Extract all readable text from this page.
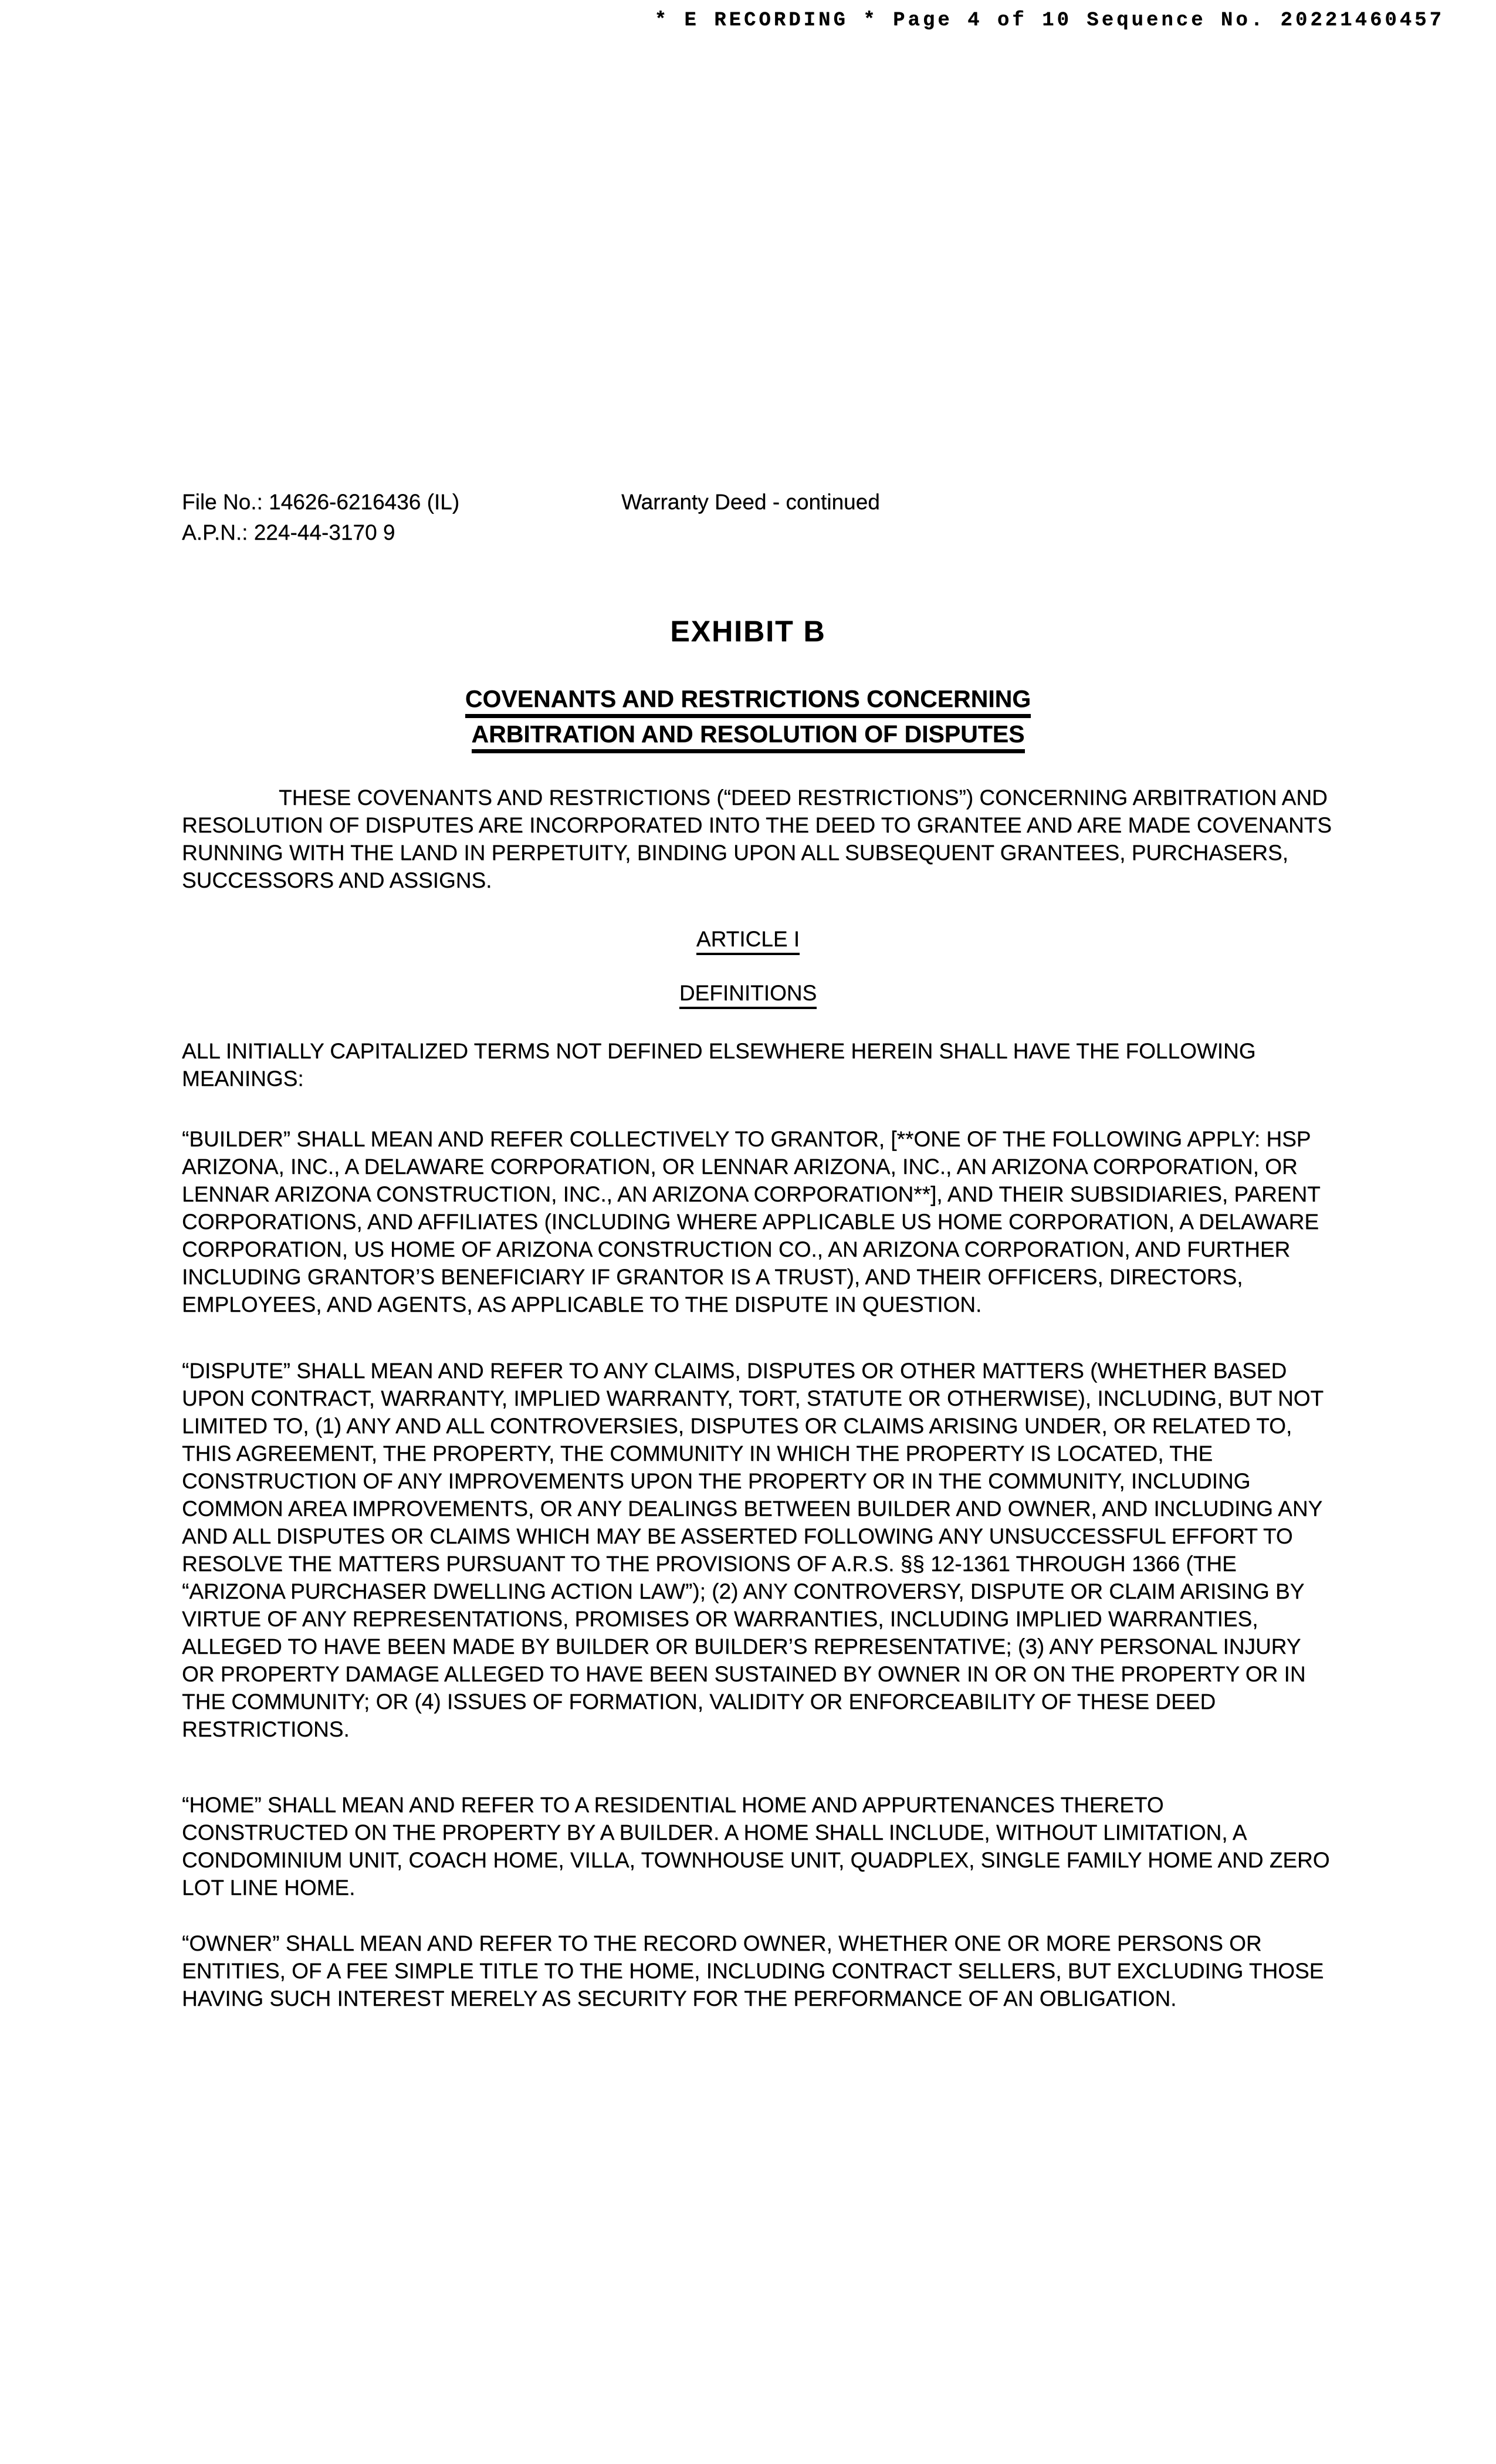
* E RECORDING * Page 4 of 10 Sequence No. 20221460457
File No.: 14626-6216436 (IL)	Warranty Deed - continued
A.P.N.: 224-44-3170 9
EXHIBIT B
COVENANTS AND RESTRICTIONS CONCERNING
ARBITRATION AND RESOLUTION OF DISPUTES

THESE COVENANTS AND RESTRICTIONS (“DEED RESTRICTIONS”) CONCERNING ARBITRATION AND RESOLUTION OF DISPUTES ARE INCORPORATED INTO THE DEED TO GRANTEE AND ARE MADE COVENANTS RUNNING WITH THE LAND IN PERPETUITY, BINDING UPON ALL SUBSEQUENT GRANTEES, PURCHASERS, SUCCESSORS AND ASSIGNS.

ARTICLE I
DEFINITIONS

ALL INITIALLY CAPITALIZED TERMS NOT DEFINED ELSEWHERE HEREIN SHALL HAVE THE FOLLOWING MEANINGS:

“BUILDER” SHALL MEAN AND REFER COLLECTIVELY TO GRANTOR, [**ONE OF THE FOLLOWING APPLY: HSP ARIZONA, INC., A DELAWARE CORPORATION, OR LENNAR ARIZONA, INC., AN ARIZONA CORPORATION, OR LENNAR ARIZONA CONSTRUCTION, INC., AN ARIZONA CORPORATION**], AND THEIR SUBSIDIARIES, PARENT CORPORATIONS, AND AFFILIATES (INCLUDING WHERE APPLICABLE US HOME CORPORATION, A DELAWARE CORPORATION, US HOME OF ARIZONA CONSTRUCTION CO., AN ARIZONA CORPORATION, AND FURTHER INCLUDING GRANTOR’S BENEFICIARY IF GRANTOR IS A TRUST), AND THEIR OFFICERS, DIRECTORS, EMPLOYEES, AND AGENTS, AS APPLICABLE TO THE DISPUTE IN QUESTION.

“DISPUTE” SHALL MEAN AND REFER TO ANY CLAIMS, DISPUTES OR OTHER MATTERS (WHETHER BASED UPON CONTRACT, WARRANTY, IMPLIED WARRANTY, TORT, STATUTE OR OTHERWISE), INCLUDING, BUT NOT LIMITED TO, (1) ANY AND ALL CONTROVERSIES, DISPUTES OR CLAIMS ARISING UNDER, OR RELATED TO, THIS AGREEMENT, THE PROPERTY, THE COMMUNITY IN WHICH THE PROPERTY IS LOCATED, THE CONSTRUCTION OF ANY IMPROVEMENTS UPON THE PROPERTY OR IN THE COMMUNITY, INCLUDING COMMON AREA IMPROVEMENTS, OR ANY DEALINGS BETWEEN BUILDER AND OWNER, AND INCLUDING ANY AND ALL DISPUTES OR CLAIMS WHICH MAY BE ASSERTED FOLLOWING ANY UNSUCCESSFUL EFFORT TO RESOLVE THE MATTERS PURSUANT TO THE PROVISIONS OF A.R.S. §§ 12-1361 THROUGH 1366 (THE “ARIZONA PURCHASER DWELLING ACTION LAW”); (2) ANY CONTROVERSY, DISPUTE OR CLAIM ARISING BY VIRTUE OF ANY REPRESENTATIONS, PROMISES OR WARRANTIES, INCLUDING IMPLIED WARRANTIES, ALLEGED TO HAVE BEEN MADE BY BUILDER OR BUILDER’S REPRESENTATIVE; (3) ANY PERSONAL INJURY OR PROPERTY DAMAGE ALLEGED TO HAVE BEEN SUSTAINED BY OWNER IN OR ON THE PROPERTY OR IN THE COMMUNITY; OR (4) ISSUES OF FORMATION, VALIDITY OR ENFORCEABILITY OF THESE DEED RESTRICTIONS.

“HOME” SHALL MEAN AND REFER TO A RESIDENTIAL HOME AND APPURTENANCES THERETO CONSTRUCTED ON THE PROPERTY BY A BUILDER. A HOME SHALL INCLUDE, WITHOUT LIMITATION, A CONDOMINIUM UNIT, COACH HOME, VILLA, TOWNHOUSE UNIT, QUADPLEX, SINGLE FAMILY HOME AND ZERO LOT LINE HOME.

“OWNER” SHALL MEAN AND REFER TO THE RECORD OWNER, WHETHER ONE OR MORE PERSONS OR ENTITIES, OF A FEE SIMPLE TITLE TO THE HOME, INCLUDING CONTRACT SELLERS, BUT EXCLUDING THOSE HAVING SUCH INTEREST MERELY AS SECURITY FOR THE PERFORMANCE OF AN OBLIGATION.
